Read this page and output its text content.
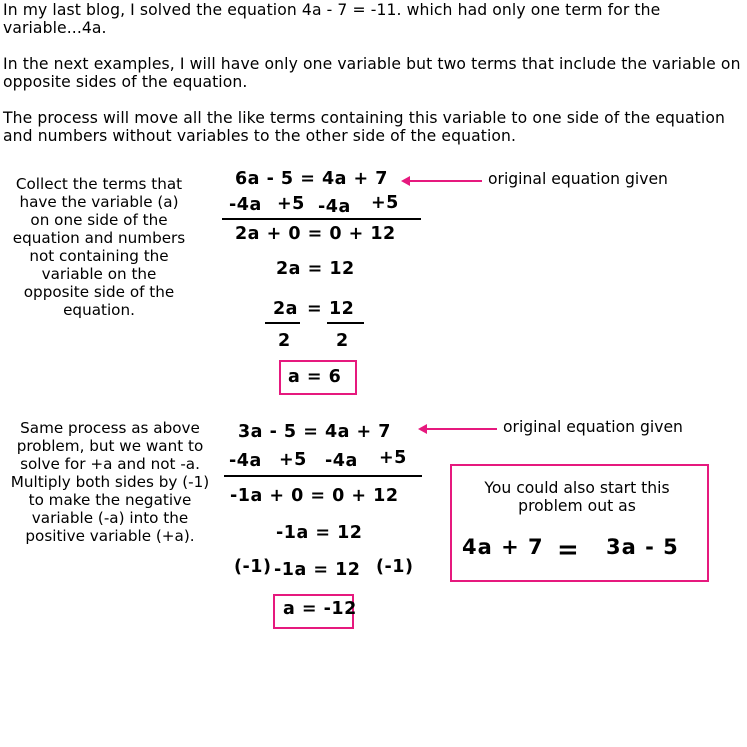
In my last blog, I solved the equation 4a - 7 = -11. which had only one term for the variable...4a.
In the next examples, I will have only one variable but two terms that include the variable on opposite sides of the equation.
The process will move all the like terms containing this variable to one side of the equation and numbers without variables to the other side of the equation.
Collect the terms that have the variable (a) on one side of the equation and numbers not containing the variable on the opposite side of the equation.
6a - 5 = 4a + 7	original equation given
-4a +5 -4a +5
2a + 0 = 0 + 12
2a = 12
2a = 12
2	2
a = 6
Same process as above problem, but we want to solve for +a and not -a. Multiply both sides by (-1) to make the negative variable (-a) into the positive variable (+a).
3a - 5 = 4a + 7	original equation given
-4a +5 -4a +5
-1a + 0 = 0 + 12
-1a = 12
(-1) -1a = 12 (-1)
a = -12
You could also start this problem out as
4a + 7 = 3a - 5
